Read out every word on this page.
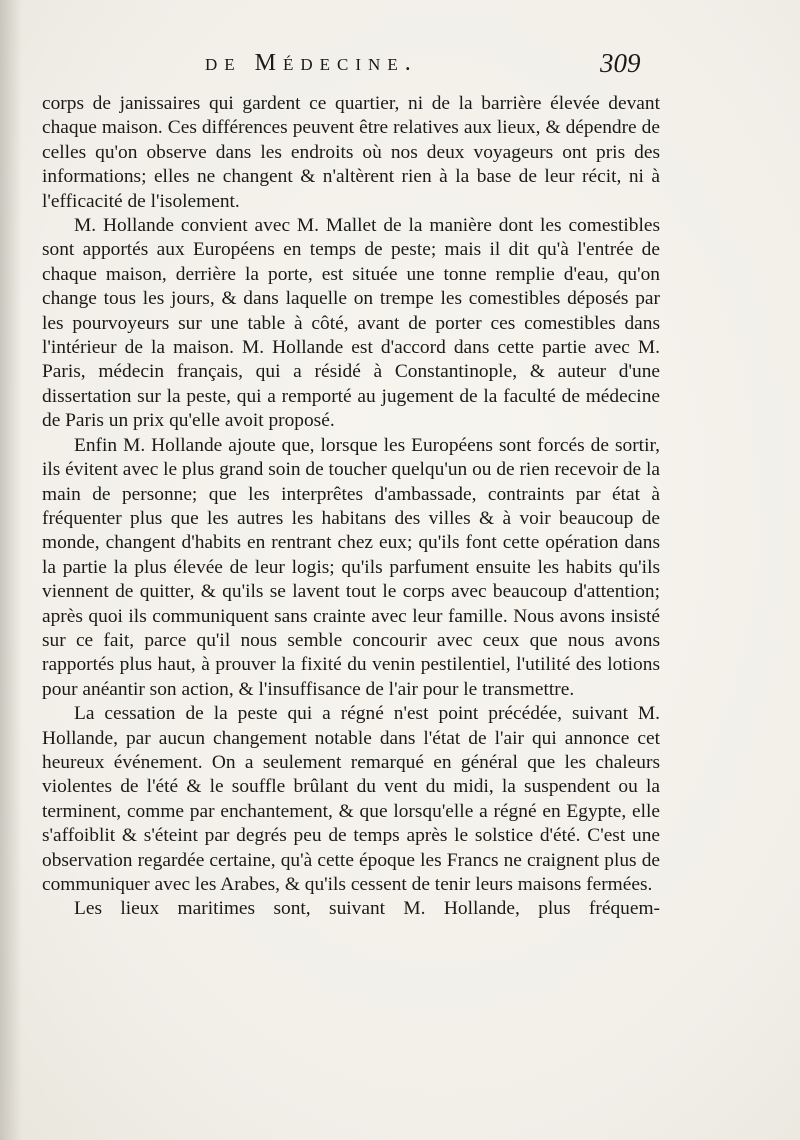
de Médecine.	309

corps de janissaires qui gardent ce quartier, ni de la barrière élevée devant chaque maison. Ces différences peuvent être relatives aux lieux, & dépendre de celles qu'on observe dans les endroits où nos deux voyageurs ont pris des informations; elles ne changent & n'altèrent rien à la base de leur récit, ni à l'efficacité de l'isolement.

M. Hollande convient avec M. Mallet de la manière dont les comestibles sont apportés aux Européens en temps de peste; mais il dit qu'à l'entrée de chaque maison, derrière la porte, est située une tonne remplie d'eau, qu'on change tous les jours, & dans laquelle on trempe les comestibles déposés par les pourvoyeurs sur une table à côté, avant de porter ces comestibles dans l'intérieur de la maison. M. Hollande est d'accord dans cette partie avec M. Paris, médecin français, qui a résidé à Constantinople, & auteur d'une dissertation sur la peste, qui a remporté au jugement de la faculté de médecine de Paris un prix qu'elle avoit proposé.

Enfin M. Hollande ajoute que, lorsque les Européens sont forcés de sortir, ils évitent avec le plus grand soin de toucher quelqu'un ou de rien recevoir de la main de personne; que les interprêtes d'ambassade, contraints par état à fréquenter plus que les autres les habitans des villes & à voir beaucoup de monde, changent d'habits en rentrant chez eux; qu'ils font cette opération dans la partie la plus élevée de leur logis; qu'ils parfument ensuite les habits qu'ils viennent de quitter, & qu'ils se lavent tout le corps avec beaucoup d'attention; après quoi ils communiquent sans crainte avec leur famille. Nous avons insisté sur ce fait, parce qu'il nous semble concourir avec ceux que nous avons rapportés plus haut, à prouver la fixité du venin pestilentiel, l'utilité des lotions pour anéantir son action, & l'insuffisance de l'air pour le transmettre.

La cessation de la peste qui a régné n'est point précédée, suivant M. Hollande, par aucun changement notable dans l'état de l'air qui annonce cet heureux événement. On a seulement remarqué en général que les chaleurs violentes de l'été & le souffle brûlant du vent du midi, la suspendent ou la terminent, comme par enchantement, & que lorsqu'elle a régné en Egypte, elle s'affoiblit & s'éteint par degrés peu de temps après le solstice d'été. C'est une observation regardée certaine, qu'à cette époque les Francs ne craignent plus de communiquer avec les Arabes, & qu'ils cessent de tenir leurs maisons fermées.

Les lieux maritimes sont, suivant M. Hollande, plus fréquem-
